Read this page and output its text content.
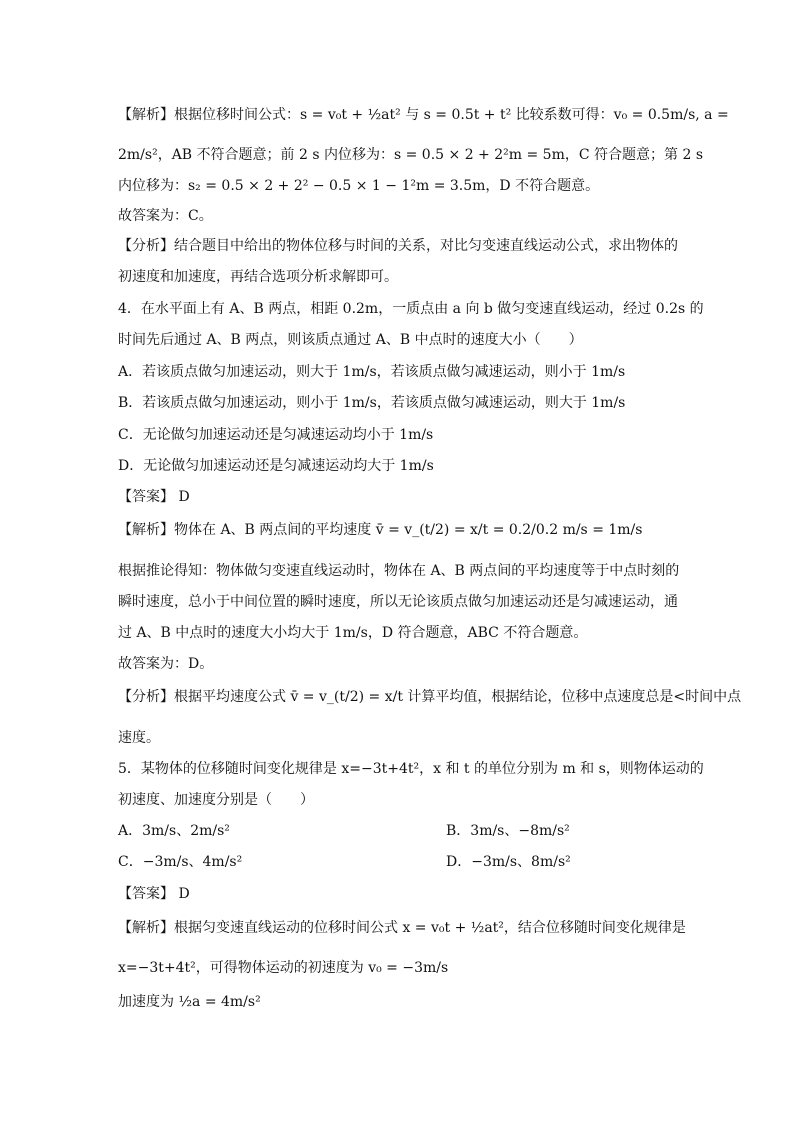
【解析】根据位移时间公式：s = v₀t + ½at² 与 s = 0.5t + t² 比较系数可得：v₀ = 0.5m/s, a =
2m/s²，AB 不符合题意；前 2 s 内位移为：s = 0.5 × 2 + 2²m = 5m，C 符合题意；第 2 s
内位移为：s₂ = 0.5 × 2 + 2² − 0.5 × 1 − 1²m = 3.5m，D 不符合题意。
故答案为：C。
【分析】结合题目中给出的物体位移与时间的关系，对比匀变速直线运动公式，求出物体的
初速度和加速度，再结合选项分析求解即可。
4．在水平面上有 A、B 两点，相距 0.2m，一质点由 a 向 b 做匀变速直线运动，经过 0.2s 的
时间先后通过 A、B 两点，则该质点通过 A、B 中点时的速度大小（　　）
A．若该质点做匀加速运动，则大于 1m/s，若该质点做匀减速运动，则小于 1m/s
B．若该质点做匀加速运动，则小于 1m/s，若该质点做匀减速运动，则大于 1m/s
C．无论做匀加速运动还是匀减速运动均小于 1m/s
D．无论做匀加速运动还是匀减速运动均大于 1m/s
【答案】 D
【解析】物体在 A、B 两点间的平均速度 v̄ = v_(t/2) = x/t = 0.2/0.2 m/s = 1m/s
根据推论得知：物体做匀变速直线运动时，物体在 A、B 两点间的平均速度等于中点时刻的
瞬时速度，总小于中间位置的瞬时速度，所以无论该质点做匀加速运动还是匀减速运动，通
过 A、B 中点时的速度大小均大于 1m/s，D 符合题意，ABC 不符合题意。
故答案为：D。
【分析】根据平均速度公式 v̄ = v_(t/2) = x/t 计算平均值，根据结论，位移中点速度总是<时间中点
速度。
5．某物体的位移随时间变化规律是 x=−3t+4t²，x 和 t 的单位分别为 m 和 s，则物体运动的
初速度、加速度分别是（　　）
A．3m/s、2m/s²	B．3m/s、−8m/s²
C．−3m/s、4m/s²	D．−3m/s、8m/s²
【答案】 D
【解析】根据匀变速直线运动的位移时间公式 x = v₀t + ½at²，结合位移随时间变化规律是
x=−3t+4t²，可得物体运动的初速度为 v₀ = −3m/s
加速度为 ½a = 4m/s²
